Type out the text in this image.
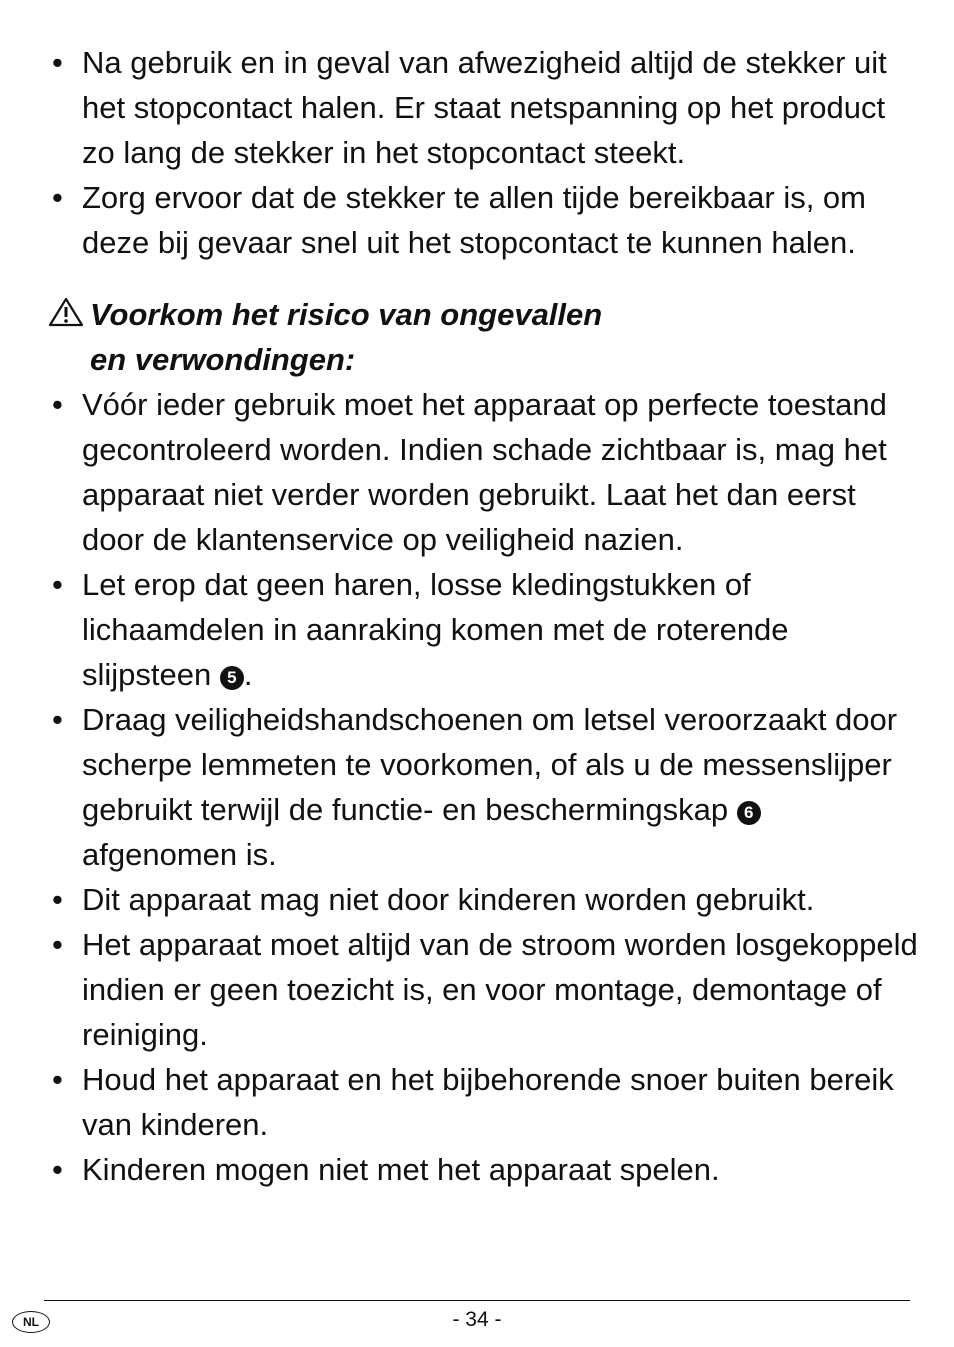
• Na gebruik en in geval van afwezigheid altijd de stekker uit het stopcontact halen. Er staat netspanning op het product zo lang de stekker in het stopcontact steekt.
• Zorg ervoor dat de stekker te allen tijde bereikbaar is, om deze bij gevaar snel uit het stopcontact te kunnen halen.
Voorkom het risico van ongevallen
en verwondingen:
• Vóór ieder gebruik moet het apparaat op perfecte toestand gecontroleerd worden. Indien schade zichtbaar is, mag het apparaat niet verder worden gebruikt. Laat het dan eerst door de klantenservice op veiligheid nazien.
• Let erop dat geen haren, losse kledingstukken of lichaamdelen in aanraking komen met de roterende slijpsteen 5 .
• Draag veiligheidshandschoenen om letsel veroorzaakt door scherpe lemmeten te voorkomen, of als u de messenslijper gebruikt terwijl de functie- en beschermingskap 6 afgenomen is.
• Dit apparaat mag niet door kinderen worden gebruikt.
• Het apparaat moet altijd van de stroom worden losgekoppeld indien er geen toezicht is, en voor montage, demontage of reiniging.
• Houd het apparaat en het bijbehorende snoer buiten bereik van kinderen.
• Kinderen mogen niet met het apparaat spelen.
NL	- 34 -
